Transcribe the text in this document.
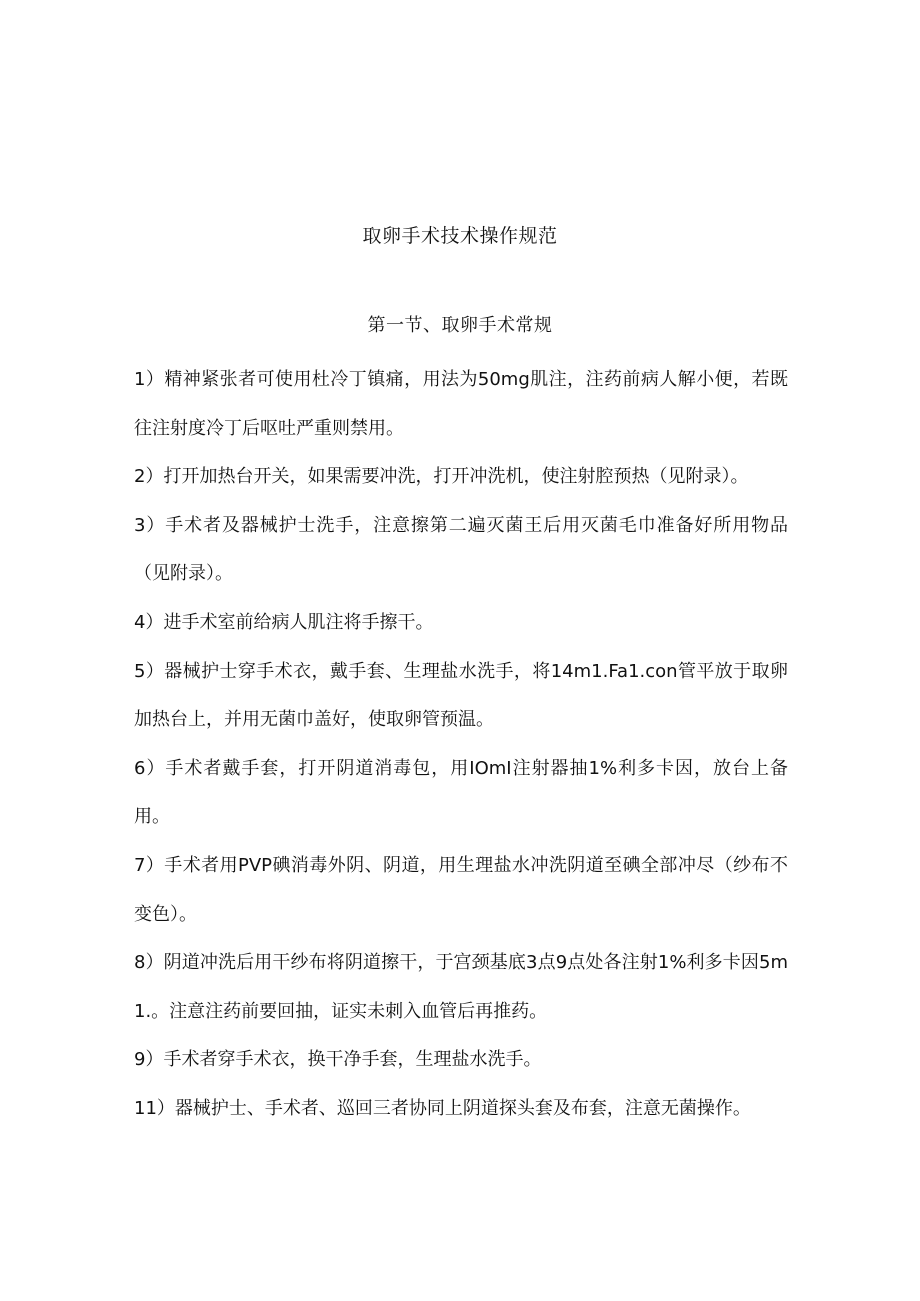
取卵手术技术操作规范
第一节、取卵手术常规

1）精神紧张者可使用杜冷丁镇痛，用法为50mg肌注，注药前病人解小便，若既往注射度冷丁后呕吐严重则禁用。

2）打开加热台开关，如果需要冲洗，打开冲洗机，使注射腔预热（见附录）。

3）手术者及器械护士洗手，注意擦第二遍灭菌王后用灭菌毛巾准备好所用物品（见附录）。

4）进手术室前给病人肌注将手擦干。

5）器械护士穿手术衣，戴手套、生理盐水洗手，将14m1.Fa1.con管平放于取卵加热台上，并用无菌巾盖好，使取卵管预温。

6）手术者戴手套，打开阴道消毒包，用IOmI注射器抽1%利多卡因，放台上备用。

7）手术者用PVP碘消毒外阴、阴道，用生理盐水冲洗阴道至碘全部冲尽（纱布不变色）。

8）阴道冲洗后用干纱布将阴道擦干，于宫颈基底3点9点处各注射1%利多卡因5m1.。注意注药前要回抽，证实未刺入血管后再推药。

9）手术者穿手术衣，换干净手套，生理盐水洗手。

11）器械护士、手术者、巡回三者协同上阴道探头套及布套，注意无菌操作。
